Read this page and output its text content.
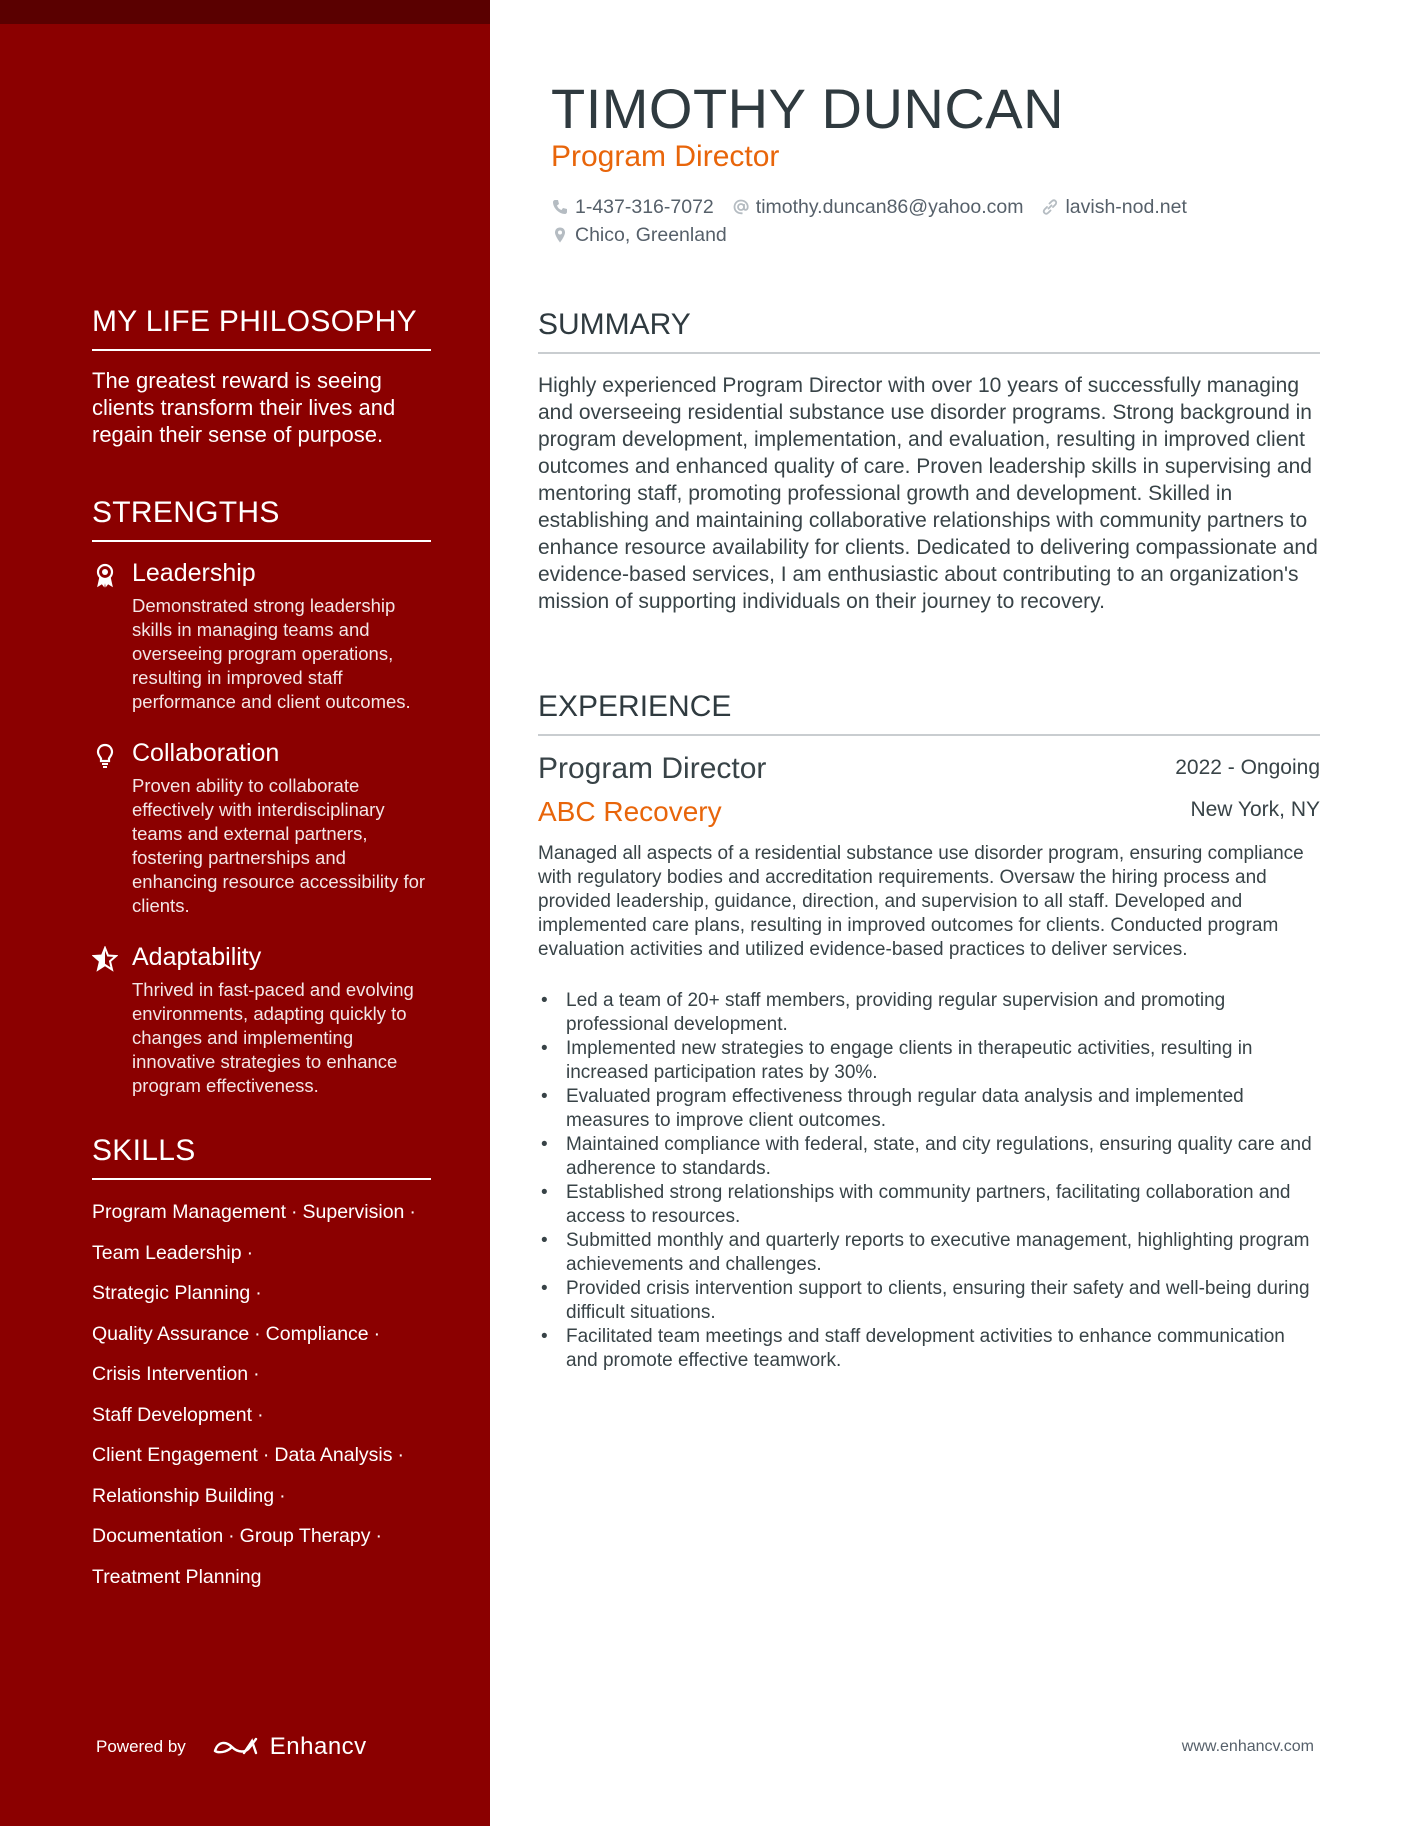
MY LIFE PHILOSOPHY
The greatest reward is seeing clients transform their lives and regain their sense of purpose.
STRENGTHS
Leadership
Demonstrated strong leadership skills in managing teams and overseeing program operations, resulting in improved staff performance and client outcomes.
Collaboration
Proven ability to collaborate effectively with interdisciplinary teams and external partners, fostering partnerships and enhancing resource accessibility for clients.
Adaptability
Thrived in fast-paced and evolving environments, adapting quickly to changes and implementing innovative strategies to enhance program effectiveness.
SKILLS
Program Management · Supervision ·
Team Leadership ·
Strategic Planning ·
Quality Assurance · Compliance ·
Crisis Intervention ·
Staff Development ·
Client Engagement · Data Analysis ·
Relationship Building ·
Documentation · Group Therapy ·
Treatment Planning
Powered by	Enhancv
TIMOTHY DUNCAN
Program Director
1-437-316-7072 timothy.duncan86@yahoo.com lavish-nod.net
Chico, Greenland
SUMMARY
Highly experienced Program Director with over 10 years of successfully managing and overseeing residential substance use disorder programs. Strong background in program development, implementation, and evaluation, resulting in improved client outcomes and enhanced quality of care. Proven leadership skills in supervising and mentoring staff, promoting professional growth and development. Skilled in establishing and maintaining collaborative relationships with community partners to enhance resource availability for clients. Dedicated to delivering compassionate and evidence-based services, I am enthusiastic about contributing to an organization's mission of supporting individuals on their journey to recovery.
EXPERIENCE
Program Director	2022 - Ongoing
ABC Recovery	New York, NY
Managed all aspects of a residential substance use disorder program, ensuring compliance with regulatory bodies and accreditation requirements. Oversaw the hiring process and provided leadership, guidance, direction, and supervision to all staff. Developed and implemented care plans, resulting in improved outcomes for clients. Conducted program evaluation activities and utilized evidence-based practices to deliver services.
• Led a team of 20+ staff members, providing regular supervision and promoting professional development.
• Implemented new strategies to engage clients in therapeutic activities, resulting in increased participation rates by 30%.
• Evaluated program effectiveness through regular data analysis and implemented measures to improve client outcomes.
• Maintained compliance with federal, state, and city regulations, ensuring quality care and adherence to standards.
• Established strong relationships with community partners, facilitating collaboration and access to resources.
• Submitted monthly and quarterly reports to executive management, highlighting program achievements and challenges.
• Provided crisis intervention support to clients, ensuring their safety and well-being during difficult situations.
• Facilitated team meetings and staff development activities to enhance communication and promote effective teamwork.
www.enhancv.com
